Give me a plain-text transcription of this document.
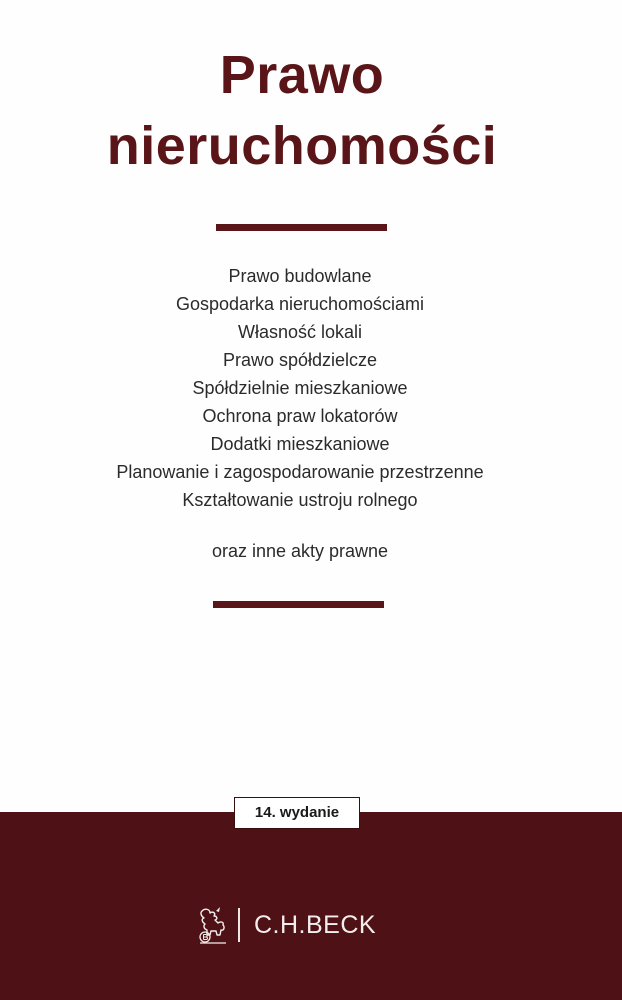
Prawo
nieruchomości
Prawo budowlane
Gospodarka nieruchomościami
Własność lokali
Prawo spółdzielcze
Spółdzielnie mieszkaniowe
Ochrona praw lokatorów
Dodatki mieszkaniowe
Planowanie i zagospodarowanie przestrzenne
Kształtowanie ustroju rolnego
oraz inne akty prawne
14. wydanie
C.H.BECK
